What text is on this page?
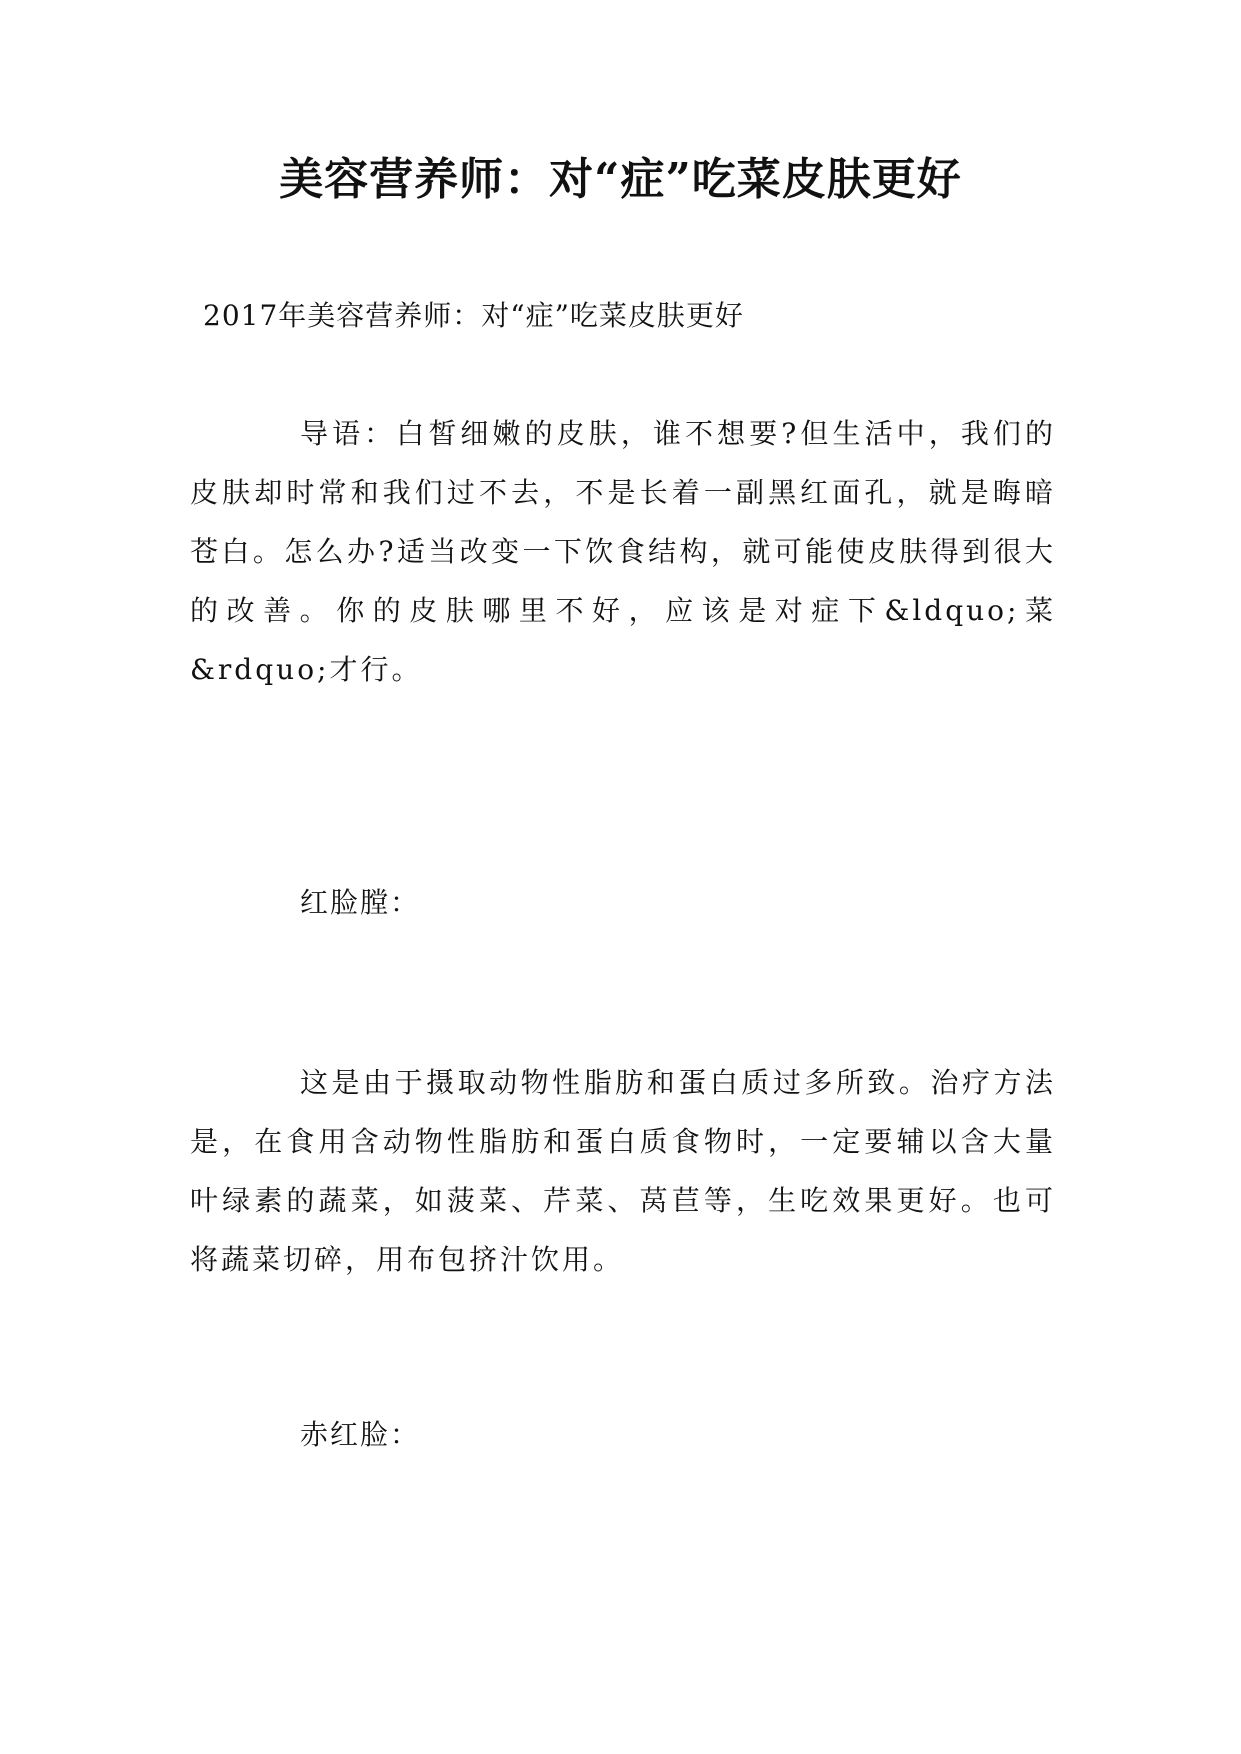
美容营养师：对“症”吃菜皮肤更好
2017年美容营养师：对“症”吃菜皮肤更好

导语：白皙细嫩的皮肤，谁不想要?但生活中，我们的皮肤却时常和我们过不去，不是长着一副黑红面孔，就是晦暗苍白。怎么办?适当改变一下饮食结构，就可能使皮肤得到很大的改善。你的皮肤哪里不好，应该是对症下&ldquo;菜&rdquo;才行。

红脸膛：

这是由于摄取动物性脂肪和蛋白质过多所致。治疗方法是，在食用含动物性脂肪和蛋白质食物时，一定要辅以含大量叶绿素的蔬菜，如菠菜、芹菜、莴苣等，生吃效果更好。也可将蔬菜切碎，用布包挤汁饮用。

赤红脸：
